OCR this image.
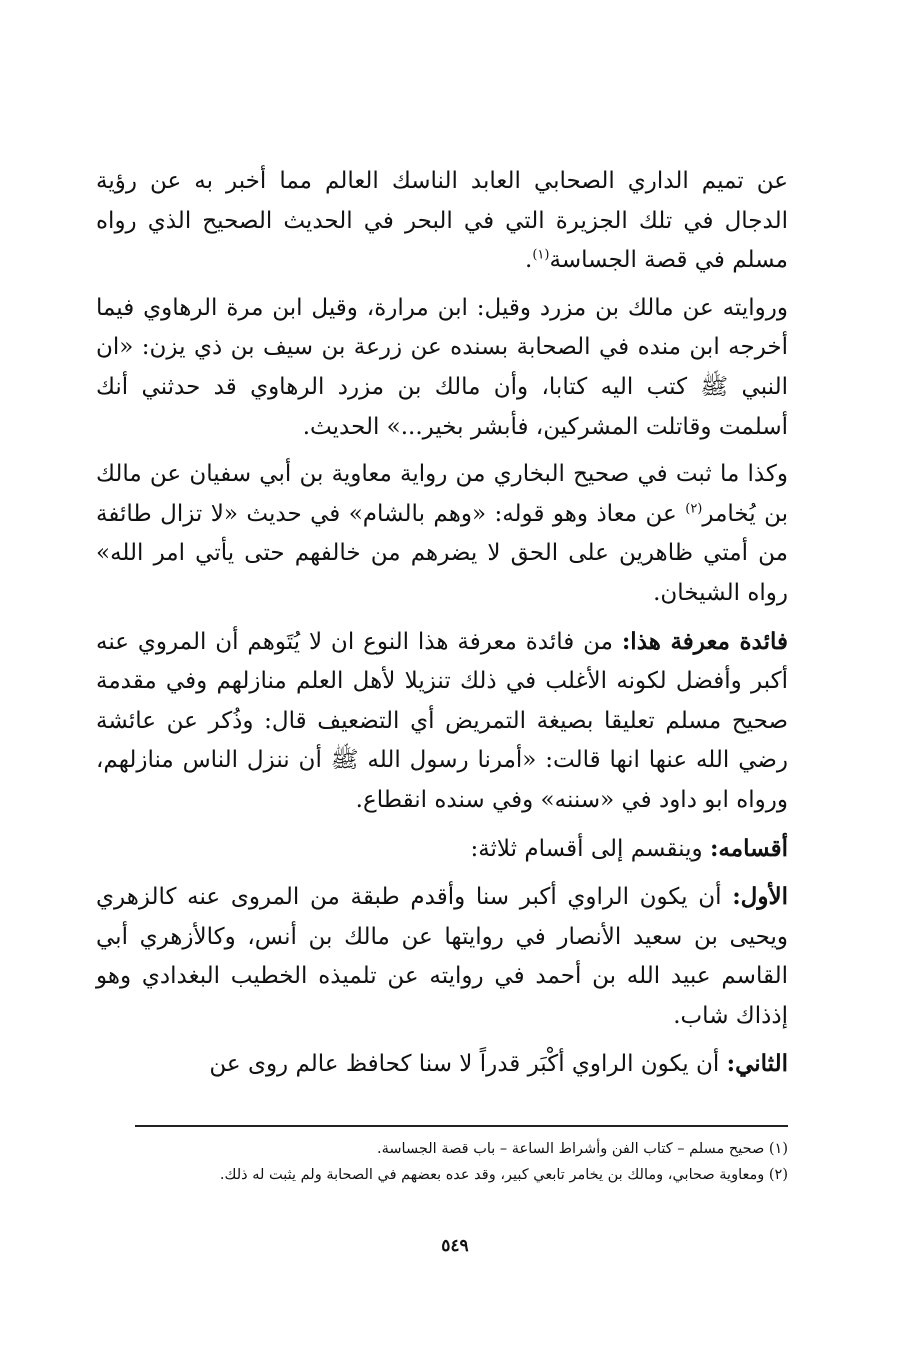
عن تميم الداري الصحابي العابد الناسك العالم مما أخبر به عن رؤية الدجال في تلك الجزيرة التي في البحر في الحديث الصحيح الذي رواه مسلم في قصة الجساسة$^{(١)}$.
وروايته عن مالك بن مزرد وقيل: ابن مرارة، وقيل ابن مرة الرهاوي فيما أخرجه ابن منده في الصحابة بسنده عن زرعة بن سيف بن ذي يزن: «ان النبي ﷺ كتب اليه كتابا، وأن مالك بن مزرد الرهاوي قد حدثني أنك أسلمت وقاتلت المشركين، فأبشر بخير...» الحديث.
وكذا ما ثبت في صحيح البخاري من رواية معاوية بن أبي سفيان عن مالك بن يُخامر$^{(٢)}$ عن معاذ وهو قوله: «وهم بالشام» في حديث «لا تزال طائفة من أمتي ظاهرين على الحق لا يضرهم من خالفهم حتى يأتي امر الله» رواه الشيخان.
فائدة معرفة هذا: من فائدة معرفة هذا النوع ان لا يُتَوهم أن المروي عنه أكبر وأفضل لكونه الأغلب في ذلك تنزيلا لأهل العلم منازلهم وفي مقدمة صحيح مسلم تعليقا بصيغة التمريض أي التضعيف قال: وذُكر عن عائشة رضي الله عنها انها قالت: «أمرنا رسول الله ﷺ أن ننزل الناس منازلهم، ورواه ابو داود في «سننه» وفي سنده انقطاع.
أقسامه: وينقسم إلى أقسام ثلاثة:
الأول: أن يكون الراوي أكبر سنا وأقدم طبقة من المروى عنه كالزهري ويحيى بن سعيد الأنصار في روايتها عن مالك بن أنس، وكالأزهري أبي القاسم عبيد الله بن أحمد في روايته عن تلميذه الخطيب البغدادي وهو إذذاك شاب.
الثاني: أن يكون الراوي أكْبَر قدراً لا سنا كحافظ عالم روى عن

(١) صحيح مسلم – كتاب الفن وأشراط الساعة – باب قصة الجساسة.

(٢) ومعاوية صحابي، ومالك بن يخامر تابعي كبير، وقد عده بعضهم في الصحابة ولم يثبت له ذلك.

٥٤٩
